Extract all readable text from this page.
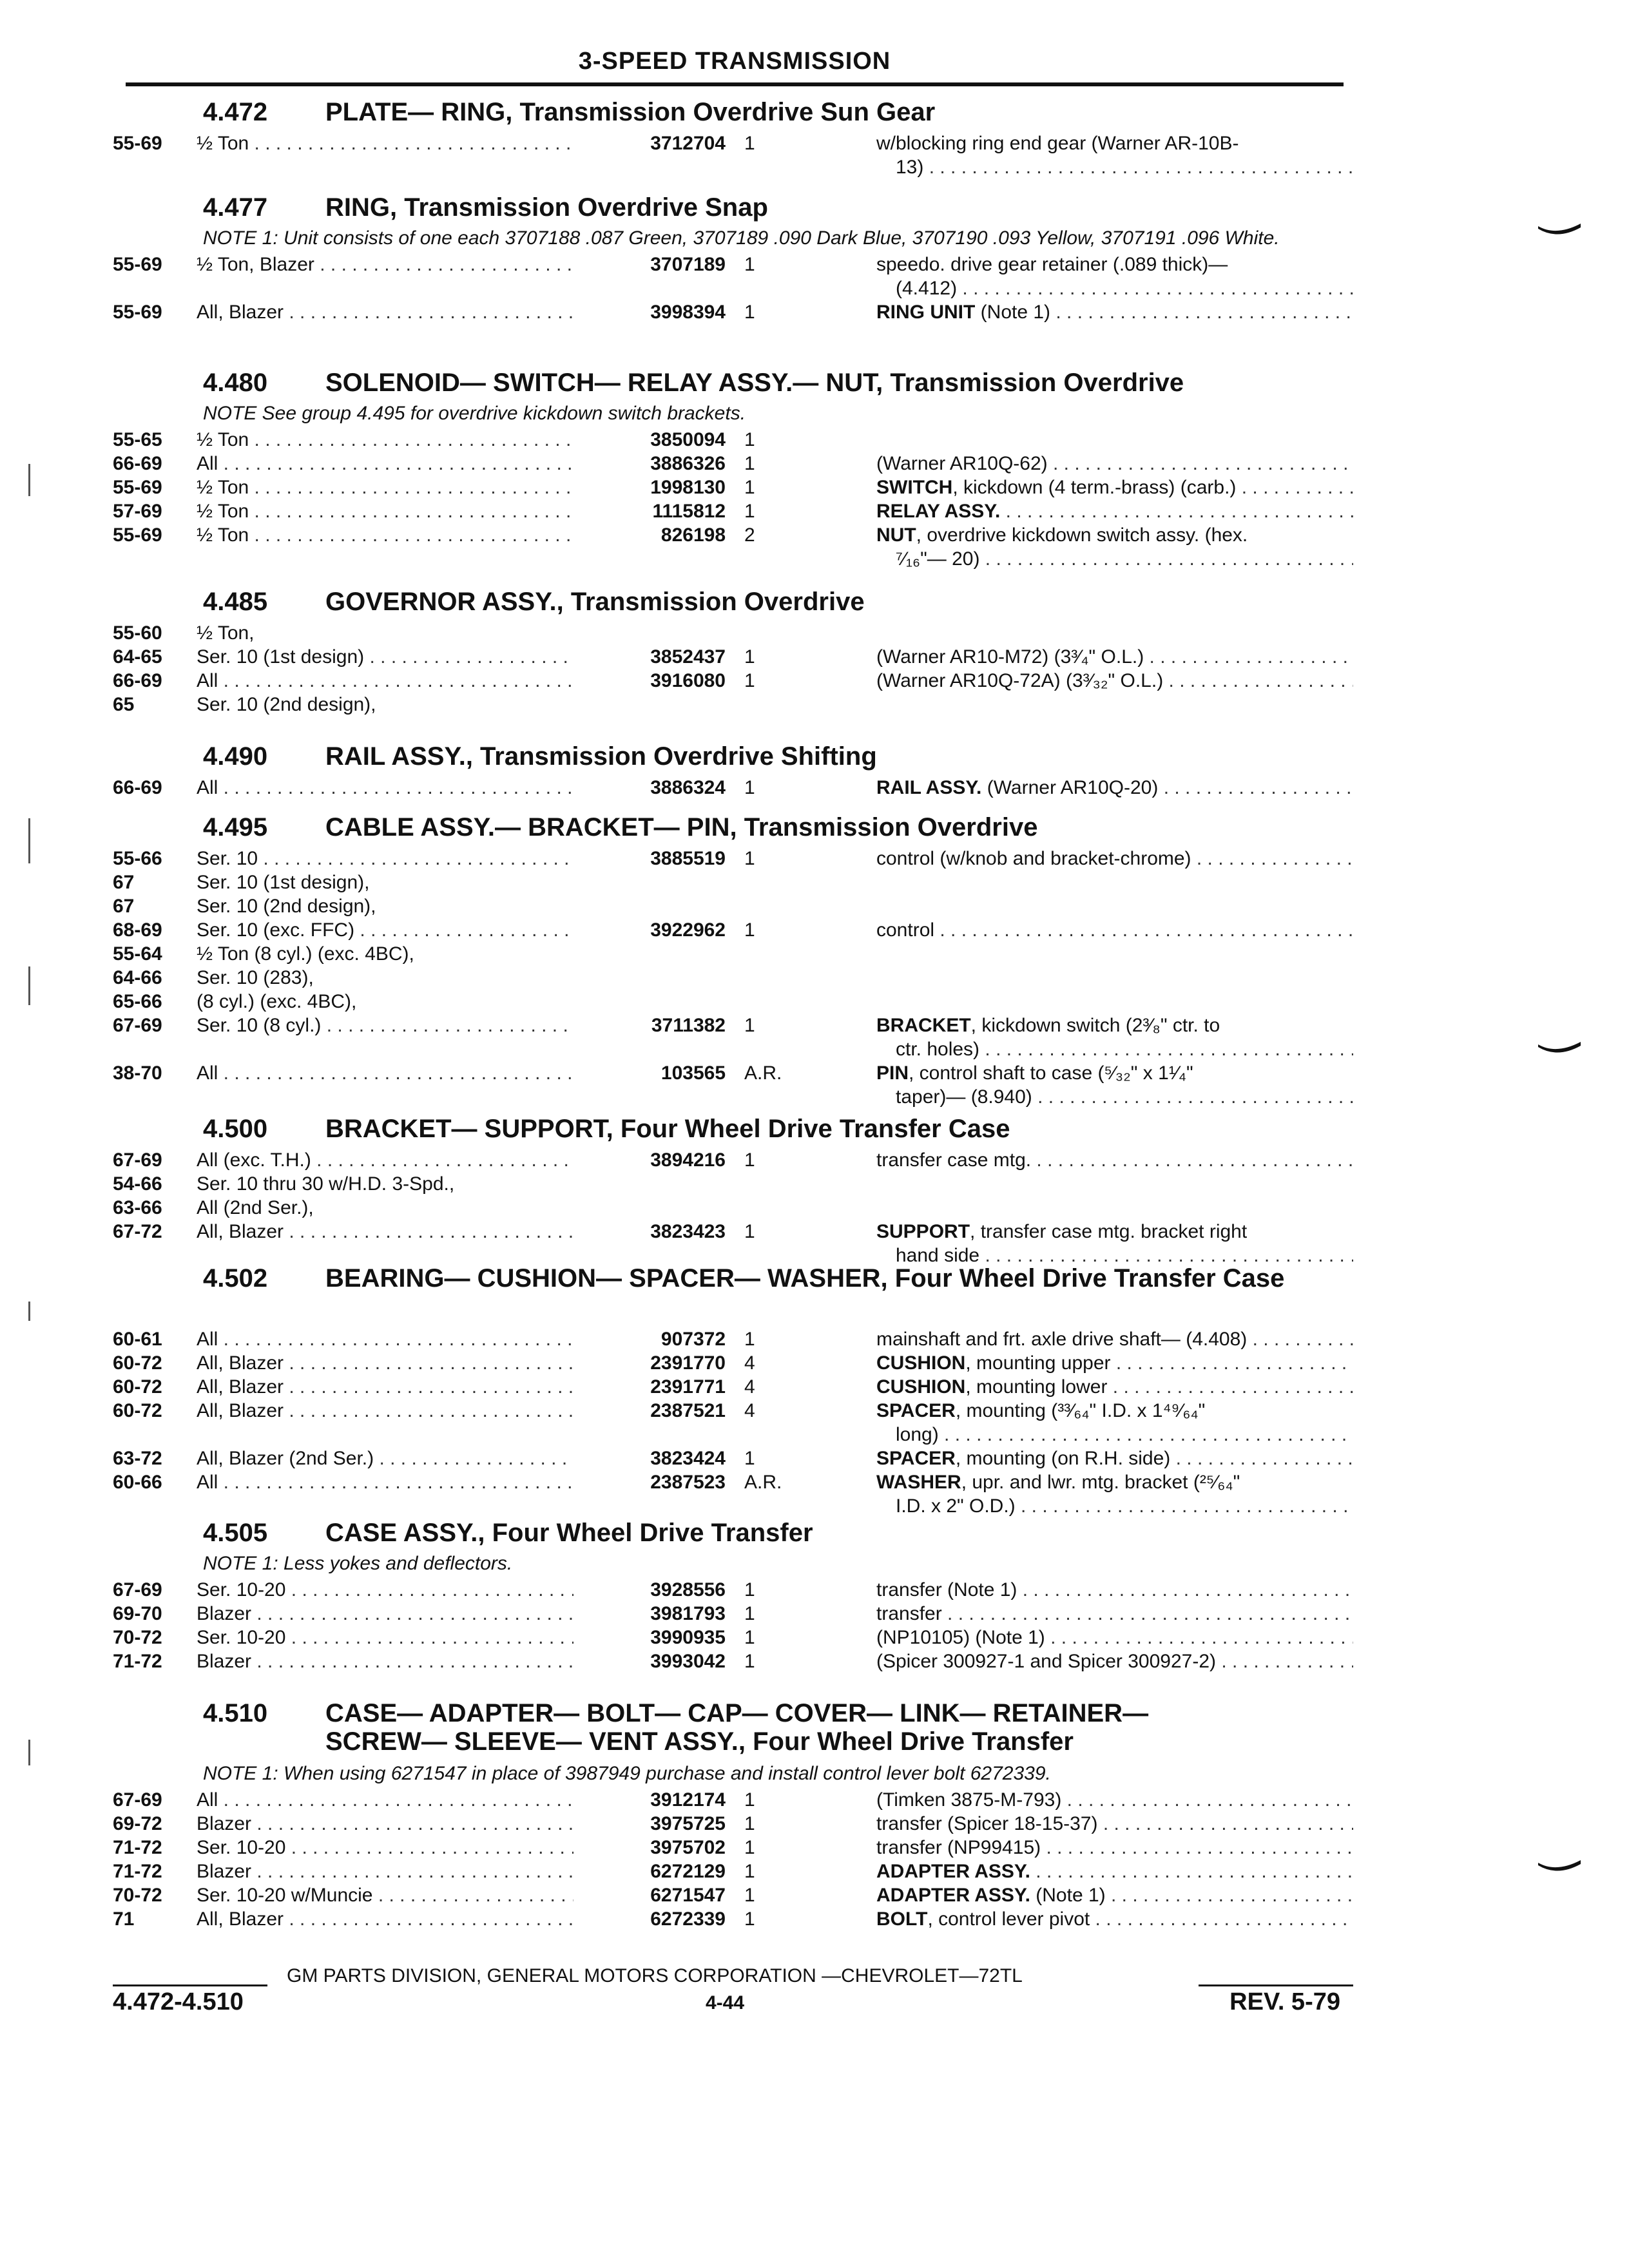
3-SPEED TRANSMISSION
4.472 PLATE— RING, Transmission Overdrive Sun Gear
55-69	½ Ton . . .	3712704 1	w/blocking ring end gear (Warner AR-10B-
13) . . .
4.477 RING, Transmission Overdrive Snap
NOTE 1: Unit consists of one each 3707188 .087 Green, 3707189 .090 Dark Blue, 3707190 .093 Yellow, 3707191 .096 White.
55-69	½ Ton, Blazer . . .	3707189 1	speedo. drive gear retainer (.089 thick)—
(4.412) . . .
55-69	All, Blazer . . .	3998394 1	RING UNIT (Note 1) . . .
4.480 SOLENOID— SWITCH— RELAY ASSY.— NUT, Transmission Overdrive
NOTE See group 4.495 for overdrive kickdown switch brackets.
55-65	½ Ton . . .	3850094 1
66-69	All . . .	3886326 1	(Warner AR10Q-62) . . .
55-69	½ Ton . . .	1998130 1	SWITCH, kickdown (4 term.-brass) (carb.) . . .
57-69	½ Ton . . .	1115812 1	RELAY ASSY. . . .
55-69	½ Ton . . .	826198 2	NUT, overdrive kickdown switch assy. (hex.
⁷⁄₁₆"— 20) . . .
4.485 GOVERNOR ASSY., Transmission Overdrive
55-60	½ Ton,
64-65	Ser. 10 (1st design) . . .	3852437 1	(Warner AR10-M72) (3³⁄₄" O.L.) . . .
66-69	All . . .	3916080 1	(Warner AR10Q-72A) (3³⁄₃₂" O.L.) . . .
65	Ser. 10 (2nd design),
4.490 RAIL ASSY., Transmission Overdrive Shifting
66-69	All . . .	3886324 1	RAIL ASSY. (Warner AR10Q-20) . . .
4.495 CABLE ASSY.— BRACKET— PIN, Transmission Overdrive
55-66	Ser. 10 . . .	3885519 1	control (w/knob and bracket-chrome) . . .
67	Ser. 10 (1st design),
67	Ser. 10 (2nd design),
68-69	Ser. 10 (exc. FFC) . . .	3922962 1	control . . .
55-64	½ Ton (8 cyl.) (exc. 4BC),
64-66	Ser. 10 (283),
65-66	(8 cyl.) (exc. 4BC),
67-69	Ser. 10 (8 cyl.) . . .	3711382 1	BRACKET, kickdown switch (2³⁄₈" ctr. to
ctr. holes) . . .
38-70	All . . .	103565 A.R.	PIN, control shaft to case (⁵⁄₃₂" x 1¹⁄₄"
taper)— (8.940) . . .
4.500 BRACKET— SUPPORT, Four Wheel Drive Transfer Case
67-69	All (exc. T.H.) . . .	3894216 1	transfer case mtg. . . .
54-66	Ser. 10 thru 30 w/H.D. 3-Spd.,
63-66	All (2nd Ser.),
67-72	All, Blazer . . .	3823423 1	SUPPORT, transfer case mtg. bracket right
hand side . . .
4.502 BEARING— CUSHION— SPACER— WASHER, Four Wheel Drive Transfer Case
60-61	All . . .	907372 1	mainshaft and frt. axle drive shaft— (4.408) . . .
60-72	All, Blazer . . .	2391770 4	CUSHION, mounting upper . . .
60-72	All, Blazer . . .	2391771 4	CUSHION, mounting lower . . .
60-72	All, Blazer . . .	2387521 4	SPACER, mounting (³³⁄₆₄" I.D. x 1⁴⁹⁄₆₄"
long) . . .
63-72	All, Blazer (2nd Ser.) . . .	3823424 1	SPACER, mounting (on R.H. side) . . .
60-66	All . . .	2387523 A.R.	WASHER, upr. and lwr. mtg. bracket (²⁵⁄₆₄"
I.D. x 2" O.D.) . . .
4.505 CASE ASSY., Four Wheel Drive Transfer
NOTE 1: Less yokes and deflectors.
67-69	Ser. 10-20 . . .	3928556 1	transfer (Note 1) . . .
69-70	Blazer . . .	3981793 1	transfer . . .
70-72	Ser. 10-20 . . .	3990935 1	(NP10105) (Note 1) . . .
71-72	Blazer . . .	3993042 1	(Spicer 300927-1 and Spicer 300927-2) . . .
4.510 CASE— ADAPTER— BOLT— CAP— COVER— LINK— RETAINER— SCREW— SLEEVE— VENT ASSY., Four Wheel Drive Transfer
NOTE 1: When using 6271547 in place of 3987949 purchase and install control lever bolt 6272339.
67-69	All . . .	3912174 1	(Timken 3875-M-793) . . .
69-72	Blazer . . .	3975725 1	transfer (Spicer 18-15-37) . . .
71-72	Ser. 10-20 . . .	3975702 1	transfer (NP99415) . . .
71-72	Blazer . . .	6272129 1	ADAPTER ASSY. . . .
70-72	Ser. 10-20 w/Muncie . . .	6271547 1	ADAPTER ASSY. (Note 1) . . .
71	All, Blazer . . .	6272339 1	BOLT, control lever pivot . . .
GM PARTS DIVISION, GENERAL MOTORS CORPORATION —CHEVROLET—72TL
4.472-4.510	4-44	REV. 5-79
